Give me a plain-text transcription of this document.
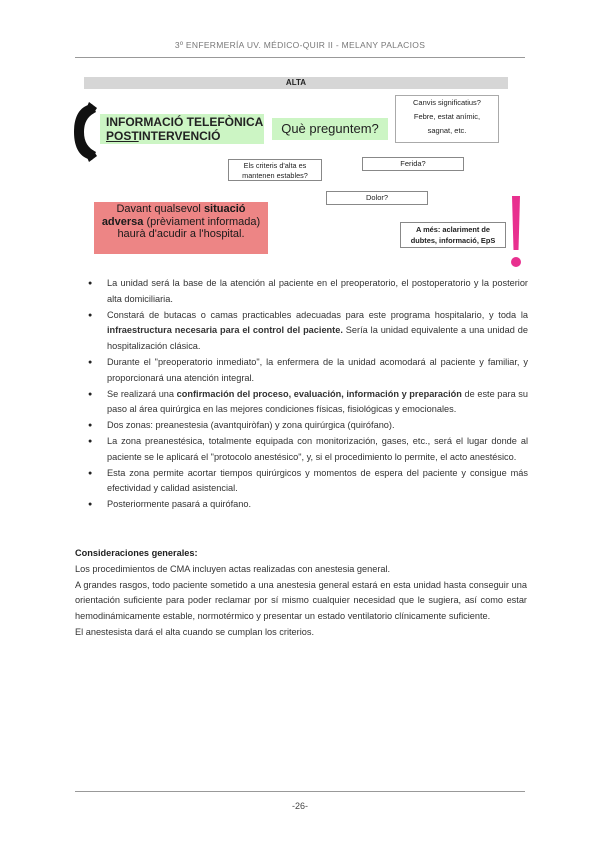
3º ENFERMERÍA UV. MÉDICO-QUIR II - MELANY PALACIOS
ALTA
INFORMACIÓ TELEFÒNICA
POSTINTERVENCIÓ	Què preguntem?
Canvis significatius?
Febre, estat anímic,
sagnat, etc.
Els criteris d'alta es
mantenen estables?
Ferida?
Dolor?
Davant qualsevol situació
adversa (prèviament informada) haurà d'acudir a l'hospital.	A més: aclariment de
dubtes, informació, EpS
● La unidad será la base de la atención al paciente en el preoperatorio, el postoperatorio y la posterior alta domiciliaria.
● Constará de butacas o camas practicables adecuadas para este programa hospitalario, y toda la infraestructura necesaria para el control del paciente. Sería la unidad equivalente a una unidad de hospitalización clásica.
● Durante el "preoperatorio inmediato", la enfermera de la unidad acomodará al paciente y familiar, y proporcionará una atención integral.
● Se realizará una confirmación del proceso, evaluación, información y preparación de este para su paso al área quirúrgica en las mejores condiciones físicas, fisiológicas y emocionales.
● Dos zonas: preanestesia (avantquiròfan) y zona quirúrgica (quirófano).
● La zona preanestésica, totalmente equipada con monitorización, gases, etc., será el lugar donde al paciente se le aplicará el "protocolo anestésico", y, si el procedimiento lo permite, el acto anestésico.
● Esta zona permite acortar tiempos quirúrgicos y momentos de espera del paciente y consigue más efectividad y calidad asistencial.
● Posteriormente pasará a quirófano.

Consideraciones generales:

Los procedimientos de CMA incluyen actas realizadas con anestesia general.

A grandes rasgos, todo paciente sometido a una anestesia general estará en esta unidad hasta conseguir una orientación suficiente para poder reclamar por sí mismo cualquier necesidad que le sugiera, así como estar hemodinámicamente estable, normotérmico y presentar un estado ventilatorio clínicamente suficiente.

El anestesista dará el alta cuando se cumplan los criterios.

-26-
